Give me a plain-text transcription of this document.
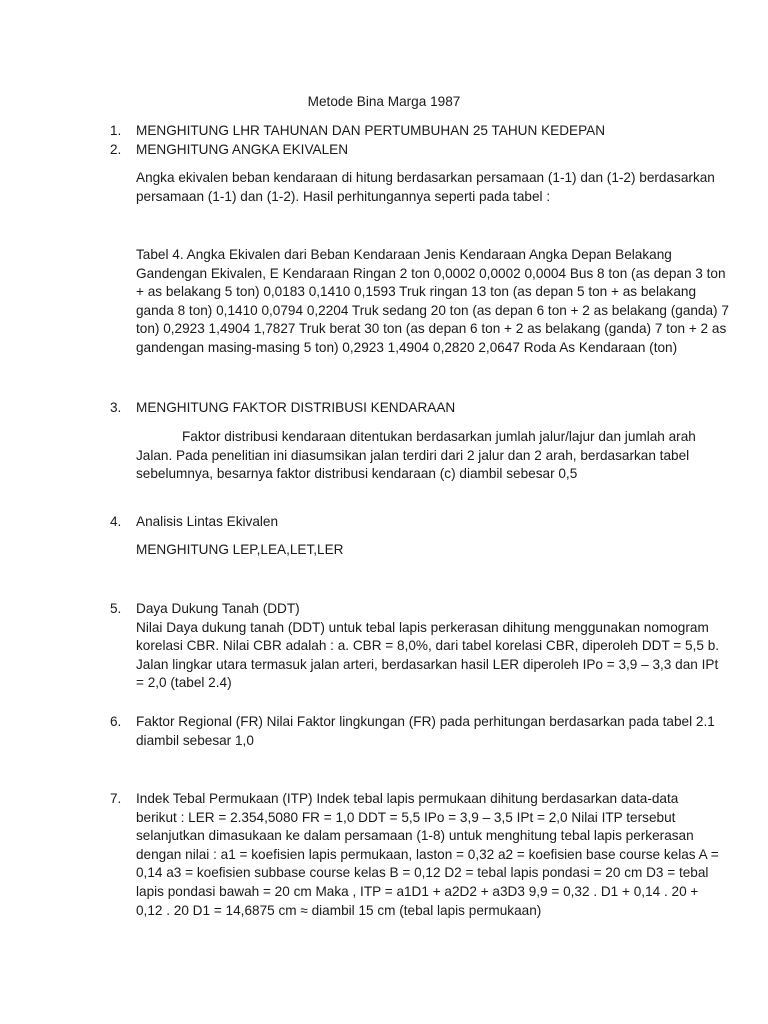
Metode Bina Marga 1987
1. MENGHITUNG LHR TAHUNAN DAN PERTUMBUHAN 25 TAHUN KEDEPAN
2. MENGHITUNG ANGKA EKIVALEN
Angka ekivalen beban kendaraan di hitung berdasarkan persamaan (1-1) dan (1-2) berdasarkan
persamaan (1-1) dan (1-2). Hasil perhitungannya seperti pada tabel :
Tabel 4. Angka Ekivalen dari Beban Kendaraan Jenis Kendaraan Angka Depan Belakang
Gandengan Ekivalen, E Kendaraan Ringan 2 ton 0,0002 0,0002 0,0004 Bus 8 ton (as depan 3 ton
+ as belakang 5 ton) 0,0183 0,1410 0,1593 Truk ringan 13 ton (as depan 5 ton + as belakang
ganda 8 ton) 0,1410 0,0794 0,2204 Truk sedang 20 ton (as depan 6 ton + 2 as belakang (ganda) 7
ton) 0,2923 1,4904 1,7827 Truk berat 30 ton (as depan 6 ton + 2 as belakang (ganda) 7 ton + 2 as
gandengan masing-masing 5 ton) 0,2923 1,4904 0,2820 2,0647 Roda As Kendaraan (ton)
3. MENGHITUNG FAKTOR DISTRIBUSI KENDARAAN
Faktor distribusi kendaraan ditentukan berdasarkan jumlah jalur/lajur dan jumlah arah
Jalan. Pada penelitian ini diasumsikan jalan terdiri dari 2 jalur dan 2 arah, berdasarkan tabel
sebelumnya, besarnya faktor distribusi kendaraan (c) diambil sebesar 0,5
4. Analisis Lintas Ekivalen
MENGHITUNG LEP,LEA,LET,LER
5. Daya Dukung Tanah (DDT)
Nilai Daya dukung tanah (DDT) untuk tebal lapis perkerasan dihitung menggunakan nomogram
korelasi CBR. Nilai CBR adalah : a. CBR = 8,0%, dari tabel korelasi CBR, diperoleh DDT = 5,5 b.
Jalan lingkar utara termasuk jalan arteri, berdasarkan hasil LER diperoleh IPo = 3,9 – 3,3 dan IPt
= 2,0 (tabel 2.4)
6. Faktor Regional (FR) Nilai Faktor lingkungan (FR) pada perhitungan berdasarkan pada tabel 2.1
diambil sebesar 1,0
7. Indek Tebal Permukaan (ITP) Indek tebal lapis permukaan dihitung berdasarkan data-data
berikut : LER = 2.354,5080 FR = 1,0 DDT = 5,5 IPo = 3,9 – 3,5 IPt = 2,0 Nilai ITP tersebut
selanjutkan dimasukaan ke dalam persamaan (1-8) untuk menghitung tebal lapis perkerasan
dengan nilai : a1 = koefisien lapis permukaan, laston = 0,32 a2 = koefisien base course kelas A =
0,14 a3 = koefisien subbase course kelas B = 0,12 D2 = tebal lapis pondasi = 20 cm D3 = tebal
lapis pondasi bawah = 20 cm Maka , ITP = a1D1 + a2D2 + a3D3 9,9 = 0,32 . D1 + 0,14 . 20 +
0,12 . 20 D1 = 14,6875 cm ≈ diambil 15 cm (tebal lapis permukaan)
